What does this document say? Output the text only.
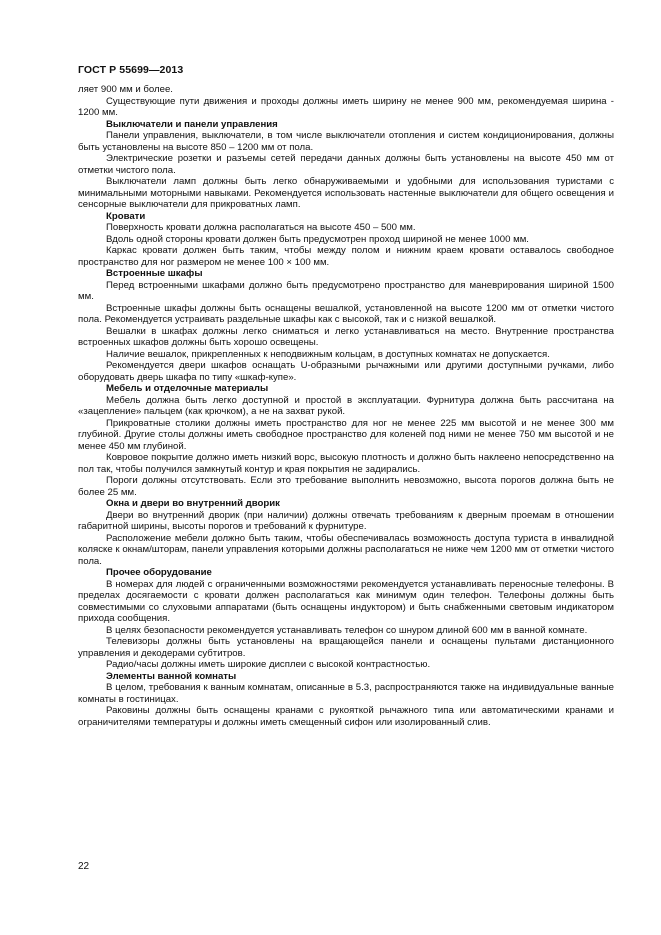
ГОСТ Р 55699—2013

ляет 900 мм и более.

Существующие пути движения и проходы должны иметь ширину не менее 900 мм, рекомендуемая ширина - 1200 мм.

Выключатели и панели управления

Панели управления, выключатели, в том числе выключатели отопления и систем кондиционирования, должны быть установлены на высоте 850 – 1200 мм от пола.

Электрические розетки и разъемы сетей передачи данных должны быть установлены на высоте 450 мм от отметки чистого пола.

Выключатели ламп должны быть легко обнаруживаемыми и удобными для использования туристами с минимальными моторными навыками. Рекомендуется использовать настенные выключатели для общего освещения и сенсорные выключатели для прикроватных ламп.

Кровати

Поверхность кровати должна располагаться на высоте 450 – 500 мм.

Вдоль одной стороны кровати должен быть предусмотрен проход шириной не менее 1000 мм.

Каркас кровати должен быть таким, чтобы между полом и нижним краем кровати оставалось свободное пространство для ног размером не менее 100 × 100 мм.

Встроенные шкафы

Перед встроенными шкафами должно быть предусмотрено пространство для маневрирования шириной 1500 мм.

Встроенные шкафы должны быть оснащены вешалкой, установленной на высоте 1200 мм от отметки чистого пола. Рекомендуется устраивать раздельные шкафы как с высокой, так и с низкой вешалкой.

Вешалки в шкафах должны легко сниматься и легко устанавливаться на место. Внутренние пространства встроенных шкафов должны быть хорошо освещены.

Наличие вешалок, прикрепленных к неподвижным кольцам, в доступных комнатах не допускается.

Рекомендуется двери шкафов оснащать U-образными рычажными или другими доступными ручками, либо оборудовать дверь шкафа по типу «шкаф-купе».

Мебель и отделочные материалы

Мебель должна быть легко доступной и простой в эксплуатации. Фурнитура должна быть рассчитана на «зацепление» пальцем (как крючком), а не на захват рукой.

Прикроватные столики должны иметь пространство для ног не менее 225 мм высотой и не менее 300 мм глубиной. Другие столы должны иметь свободное пространство для коленей под ними не менее 750 мм высотой и не менее 450 мм глубиной.

Ковровое покрытие должно иметь низкий ворс, высокую плотность и должно быть наклеено непосредственно на пол так, чтобы получился замкнутый контур и края покрытия не задирались.

Пороги должны отсутствовать. Если это требование выполнить невозможно, высота порогов должна быть не более 25 мм.

Окна и двери во внутренний дворик

Двери во внутренний дворик (при наличии) должны отвечать требованиям к дверным проемам в отношении габаритной ширины, высоты порогов и требований к фурнитуре.

Расположение мебели должно быть таким, чтобы обеспечивалась возможность доступа туриста в инвалидной коляске к окнам/шторам, панели управления которыми должны располагаться не ниже чем 1200 мм от отметки чистого пола.

Прочее оборудование

В номерах для людей с ограниченными возможностями рекомендуется устанавливать переносные телефоны. В пределах досягаемости с кровати должен располагаться как минимум один телефон. Телефоны должны быть совместимыми со слуховыми аппаратами (быть оснащены индуктором) и быть снабженными световым индикатором прихода сообщения.

В целях безопасности рекомендуется устанавливать телефон со шнуром длиной 600 мм в ванной комнате.

Телевизоры должны быть установлены на вращающейся панели и оснащены пультами дистанционного управления и декодерами субтитров.

Радио/часы должны иметь широкие дисплеи с высокой контрастностью.

Элементы ванной комнаты

В целом, требования к ванным комнатам, описанные в 5.3, распространяются также на индивидуальные ванные комнаты в гостиницах.

Раковины должны быть оснащены кранами с рукояткой рычажного типа или автоматическими кранами и ограничителями температуры и должны иметь смещенный сифон или изолированный слив.

22
